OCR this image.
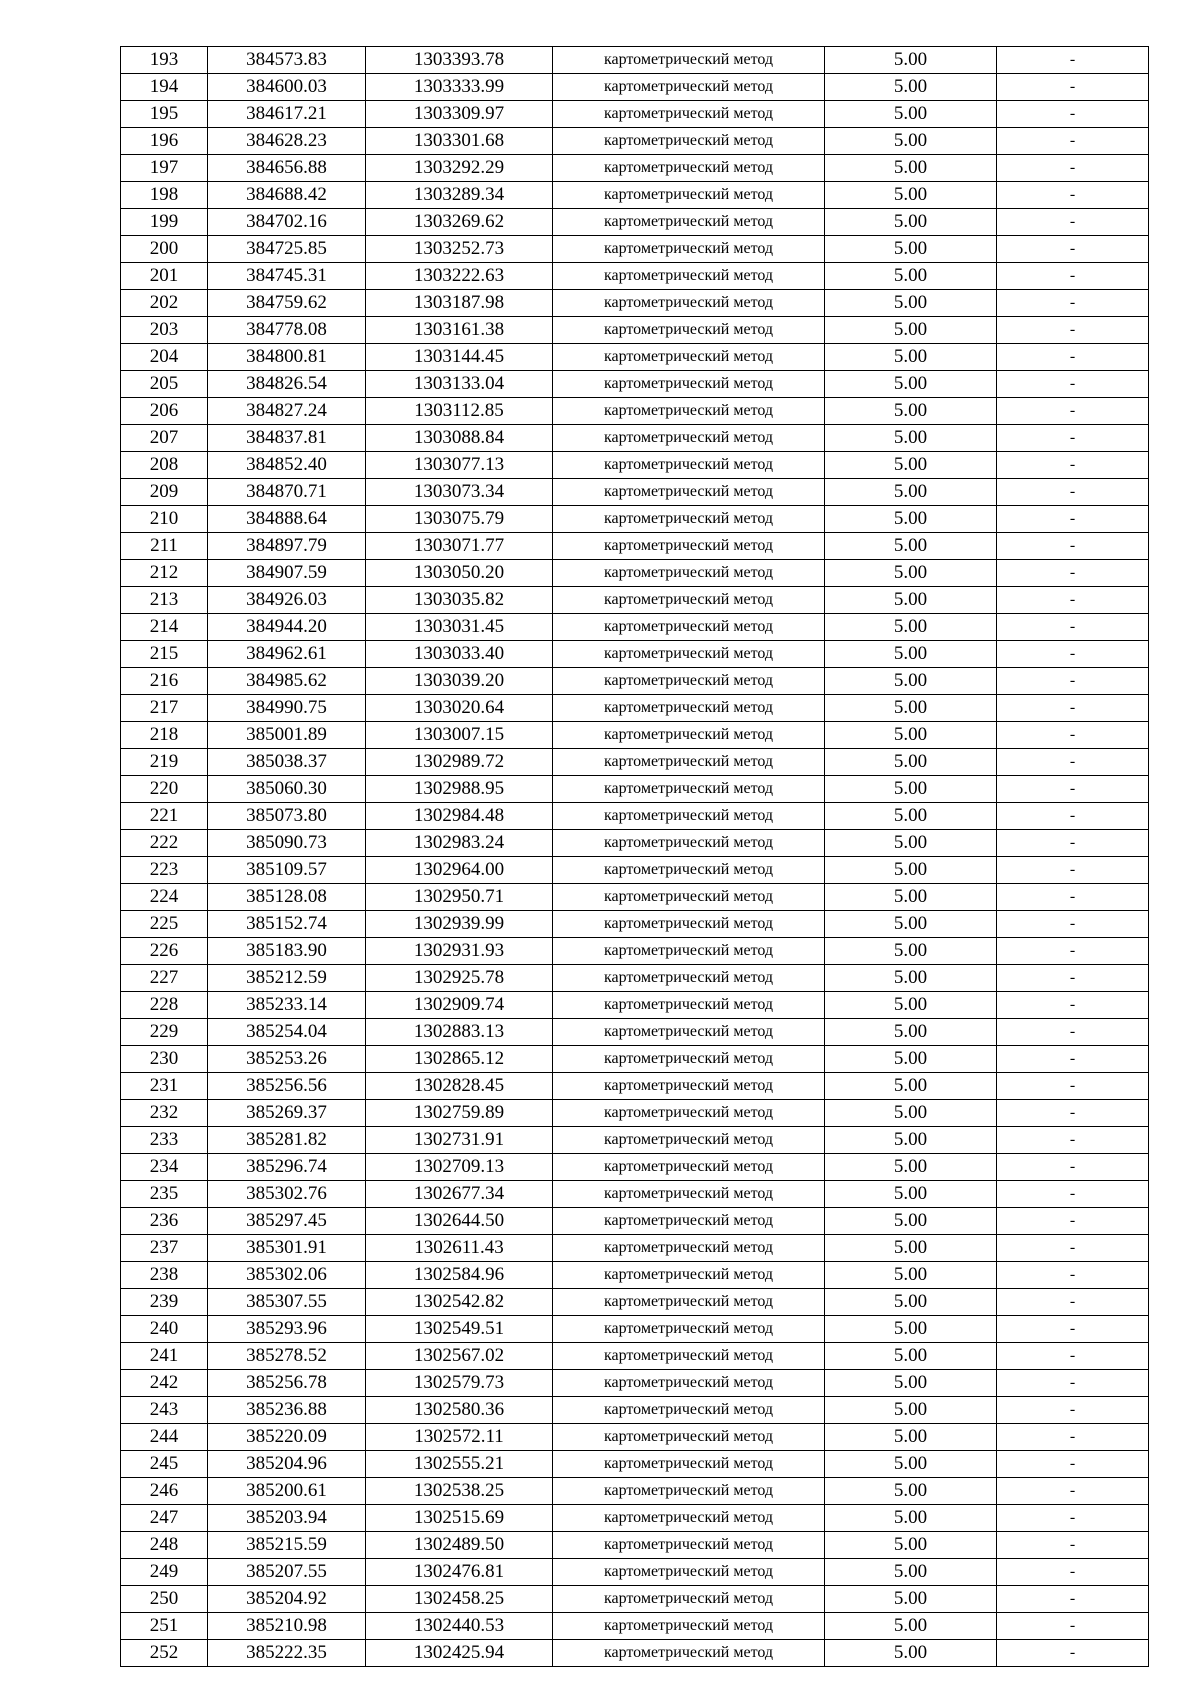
193	384573.83	1303393.78	картометрический метод	5.00	-
194	384600.03	1303333.99	картометрический метод	5.00	-
195	384617.21	1303309.97	картометрический метод	5.00	-
196	384628.23	1303301.68	картометрический метод	5.00	-
197	384656.88	1303292.29	картометрический метод	5.00	-
198	384688.42	1303289.34	картометрический метод	5.00	-
199	384702.16	1303269.62	картометрический метод	5.00	-
200	384725.85	1303252.73	картометрический метод	5.00	-
201	384745.31	1303222.63	картометрический метод	5.00	-
202	384759.62	1303187.98	картометрический метод	5.00	-
203	384778.08	1303161.38	картометрический метод	5.00	-
204	384800.81	1303144.45	картометрический метод	5.00	-
205	384826.54	1303133.04	картометрический метод	5.00	-
206	384827.24	1303112.85	картометрический метод	5.00	-
207	384837.81	1303088.84	картометрический метод	5.00	-
208	384852.40	1303077.13	картометрический метод	5.00	-
209	384870.71	1303073.34	картометрический метод	5.00	-
210	384888.64	1303075.79	картометрический метод	5.00	-
211	384897.79	1303071.77	картометрический метод	5.00	-
212	384907.59	1303050.20	картометрический метод	5.00	-
213	384926.03	1303035.82	картометрический метод	5.00	-
214	384944.20	1303031.45	картометрический метод	5.00	-
215	384962.61	1303033.40	картометрический метод	5.00	-
216	384985.62	1303039.20	картометрический метод	5.00	-
217	384990.75	1303020.64	картометрический метод	5.00	-
218	385001.89	1303007.15	картометрический метод	5.00	-
219	385038.37	1302989.72	картометрический метод	5.00	-
220	385060.30	1302988.95	картометрический метод	5.00	-
221	385073.80	1302984.48	картометрический метод	5.00	-
222	385090.73	1302983.24	картометрический метод	5.00	-
223	385109.57	1302964.00	картометрический метод	5.00	-
224	385128.08	1302950.71	картометрический метод	5.00	-
225	385152.74	1302939.99	картометрический метод	5.00	-
226	385183.90	1302931.93	картометрический метод	5.00	-
227	385212.59	1302925.78	картометрический метод	5.00	-
228	385233.14	1302909.74	картометрический метод	5.00	-
229	385254.04	1302883.13	картометрический метод	5.00	-
230	385253.26	1302865.12	картометрический метод	5.00	-
231	385256.56	1302828.45	картометрический метод	5.00	-
232	385269.37	1302759.89	картометрический метод	5.00	-
233	385281.82	1302731.91	картометрический метод	5.00	-
234	385296.74	1302709.13	картометрический метод	5.00	-
235	385302.76	1302677.34	картометрический метод	5.00	-
236	385297.45	1302644.50	картометрический метод	5.00	-
237	385301.91	1302611.43	картометрический метод	5.00	-
238	385302.06	1302584.96	картометрический метод	5.00	-
239	385307.55	1302542.82	картометрический метод	5.00	-
240	385293.96	1302549.51	картометрический метод	5.00	-
241	385278.52	1302567.02	картометрический метод	5.00	-
242	385256.78	1302579.73	картометрический метод	5.00	-
243	385236.88	1302580.36	картометрический метод	5.00	-
244	385220.09	1302572.11	картометрический метод	5.00	-
245	385204.96	1302555.21	картометрический метод	5.00	-
246	385200.61	1302538.25	картометрический метод	5.00	-
247	385203.94	1302515.69	картометрический метод	5.00	-
248	385215.59	1302489.50	картометрический метод	5.00	-
249	385207.55	1302476.81	картометрический метод	5.00	-
250	385204.92	1302458.25	картометрический метод	5.00	-
251	385210.98	1302440.53	картометрический метод	5.00	-
252	385222.35	1302425.94	картометрический метод	5.00	-
